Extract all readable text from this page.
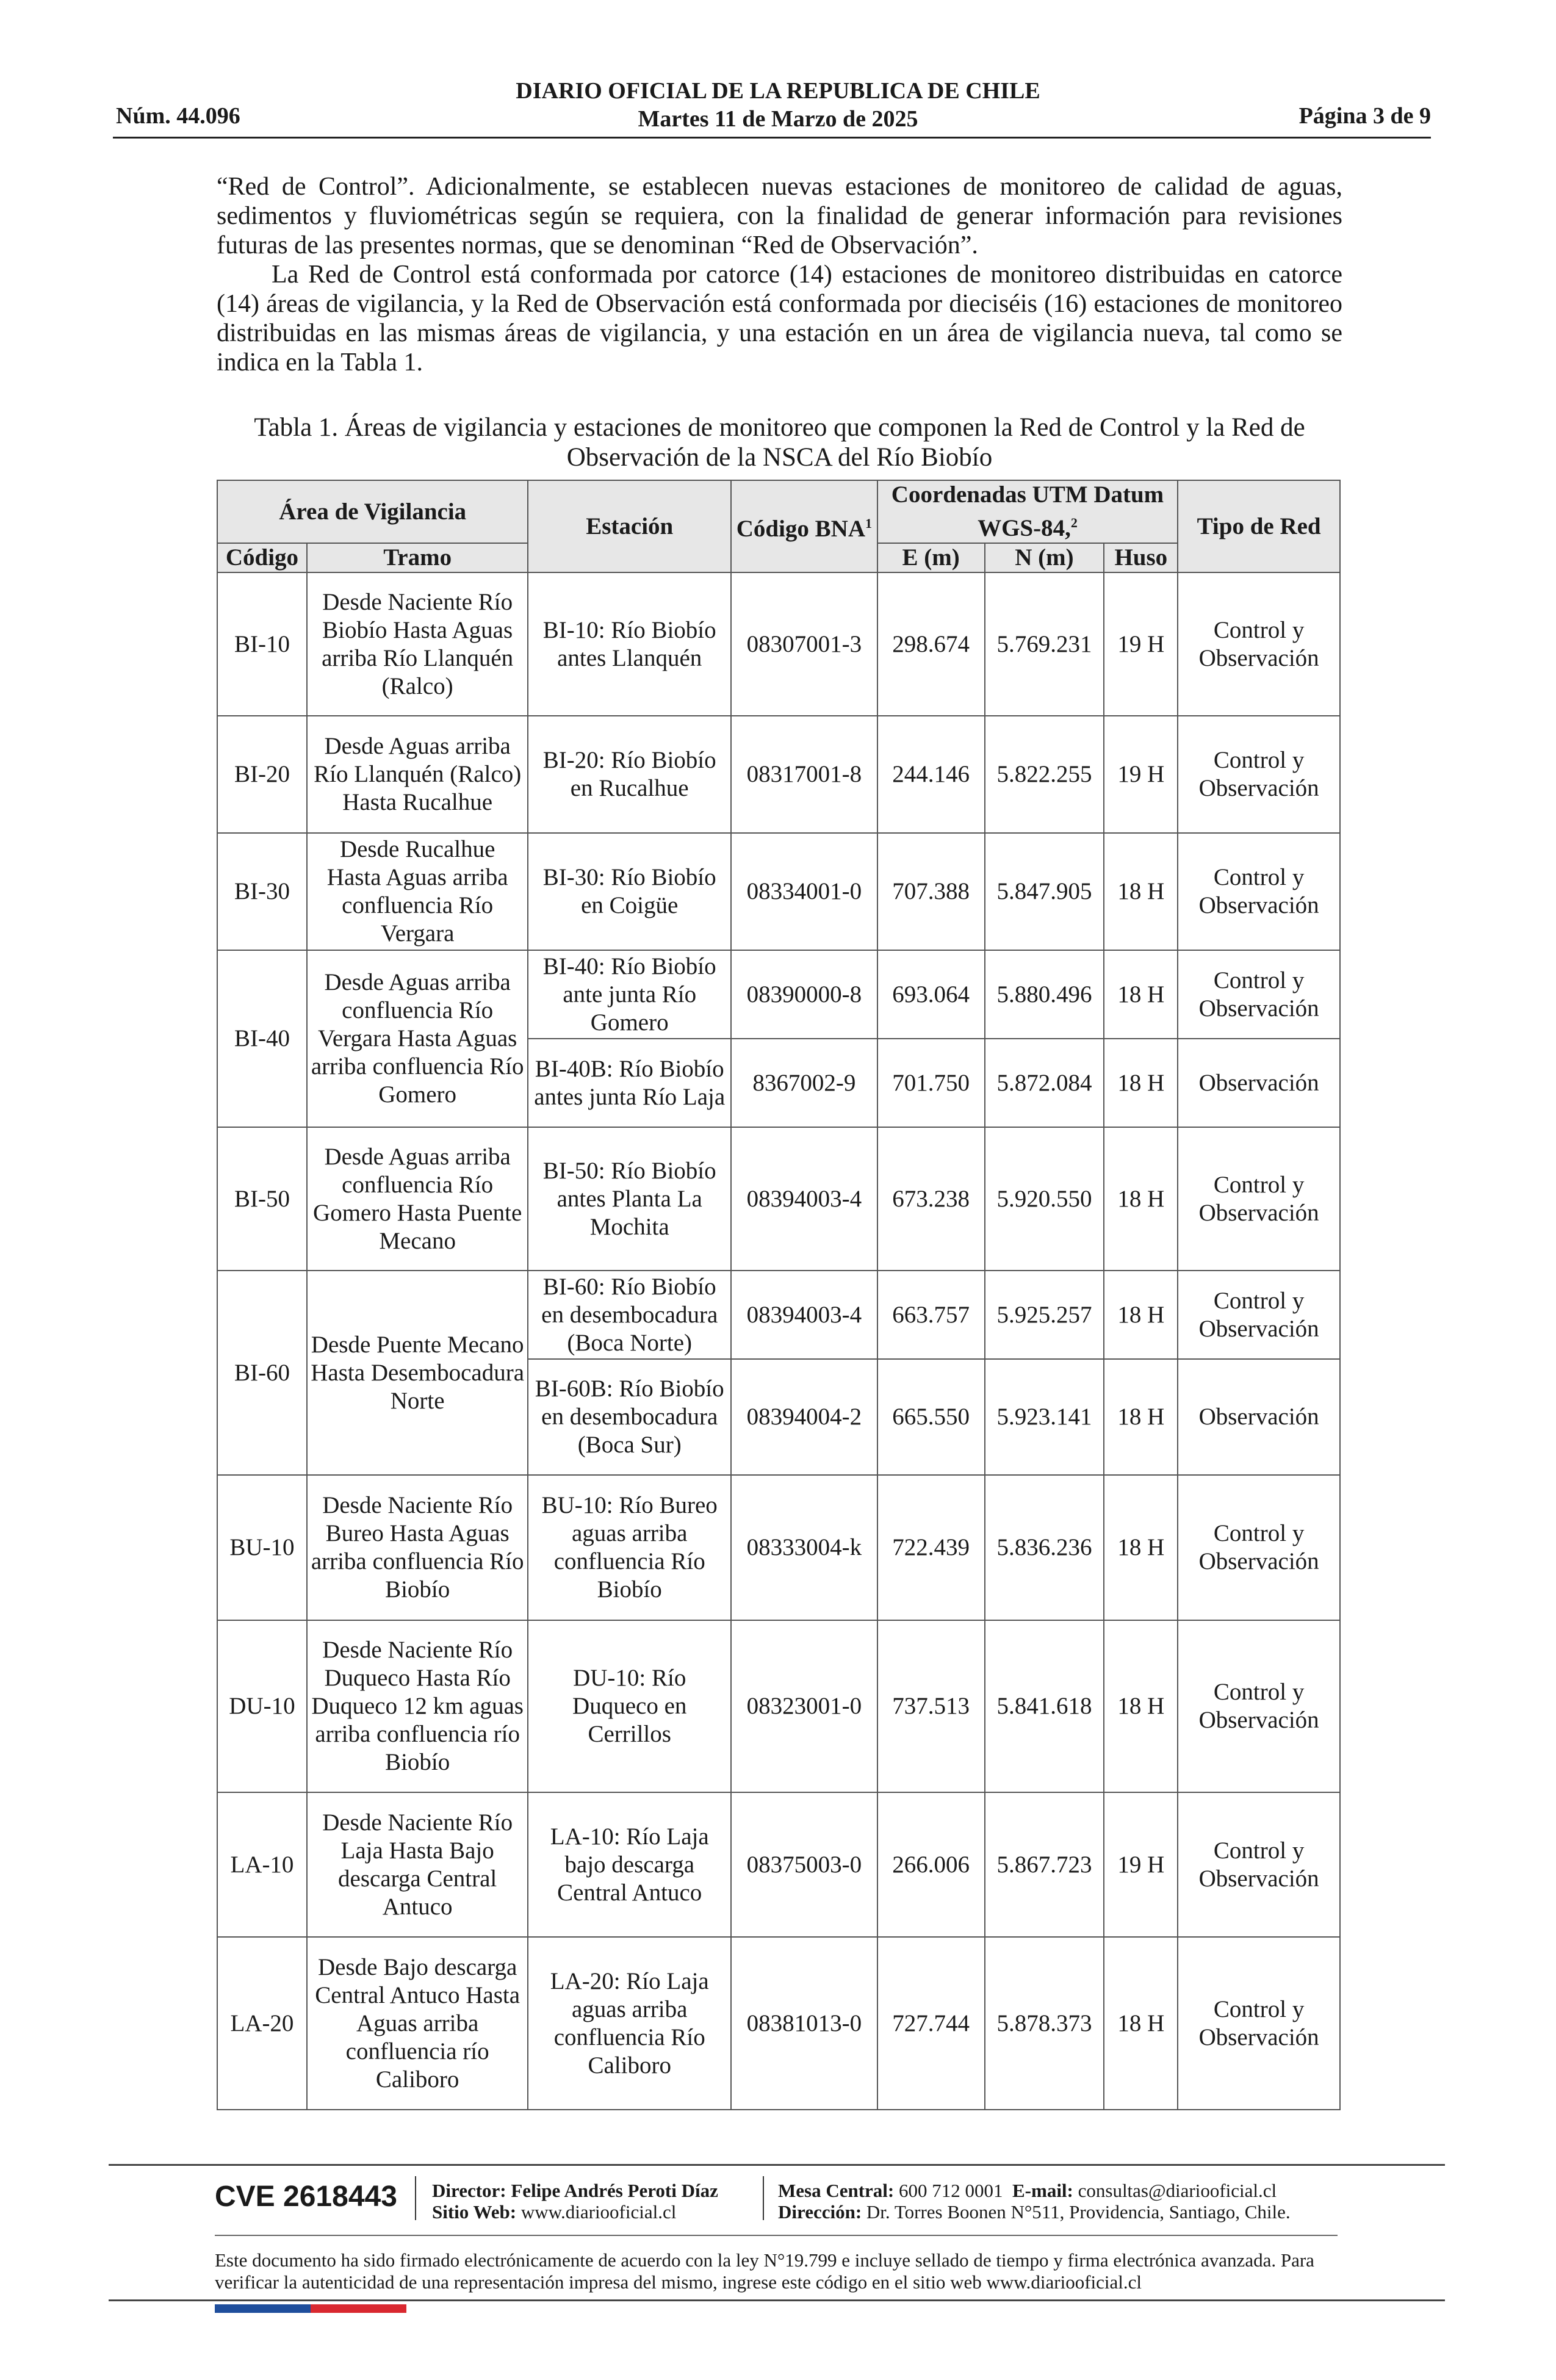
Núm. 44.096
DIARIO OFICIAL DE LA REPUBLICA DE CHILE
Martes 11 de Marzo de 2025	Página 3 de 9

“Red de Control”. Adicionalmente, se establecen nuevas estaciones de monitoreo de calidad de aguas, sedimentos y fluviométricas según se requiera, con la finalidad de generar información para revisiones futuras de las presentes normas, que se denominan “Red de Observación”.

La Red de Control está conformada por catorce (14) estaciones de monitoreo distribuidas en catorce (14) áreas de vigilancia, y la Red de Observación está conformada por dieciséis (16) estaciones de monitoreo distribuidas en las mismas áreas de vigilancia, y una estación en un área de vigilancia nueva, tal como se indica en la Tabla 1.

Tabla 1. Áreas de vigilancia y estaciones de monitoreo que componen la Red de Control y la Red de Observación de la NSCA del Río Biobío
Área de Vigilancia		Estación	Código BNA$^1$	Coordenadas UTM Datum WGS-84,$^2$			Tipo de Red
Código	Tramo			E (m)	N (m)	Huso	
BI-10	Desde Naciente Río Biobío Hasta Aguas arriba Río Llanquén (Ralco)	BI-10: Río Biobío antes Llanquén	08307001-3	298.674	5.769.231	19 H	Control y Observación
BI-20	Desde Aguas arriba Río Llanquén (Ralco) Hasta Rucalhue	BI-20: Río Biobío en Rucalhue	08317001-8	244.146	5.822.255	19 H	Control y Observación
BI-30	Desde Rucalhue Hasta Aguas arriba confluencia Río Vergara	BI-30: Río Biobío en Coigüe	08334001-0	707.388	5.847.905	18 H	Control y Observación
BI-40	Desde Aguas arriba confluencia Río Vergara Hasta Aguas arriba confluencia Río Gomero	BI-40: Río Biobío ante junta Río Gomero	08390000-8	693.064	5.880.496	18 H	Control y Observación
		BI-40B: Río Biobío antes junta Río Laja	8367002-9	701.750	5.872.084	18 H	Observación
BI-50	Desde Aguas arriba confluencia Río Gomero Hasta Puente Mecano	BI-50: Río Biobío antes Planta La Mochita	08394003-4	673.238	5.920.550	18 H	Control y Observación
BI-60	Desde Puente Mecano Hasta Desembocadura Norte	BI-60: Río Biobío en desembocadura (Boca Norte)	08394003-4	663.757	5.925.257	18 H	Control y Observación
		BI-60B: Río Biobío en desembocadura (Boca Sur)	08394004-2	665.550	5.923.141	18 H	Observación
BU-10	Desde Naciente Río Bureo Hasta Aguas arriba confluencia Río Biobío	BU-10: Río Bureo aguas arriba confluencia Río Biobío	08333004-k	722.439	5.836.236	18 H	Control y Observación
DU-10	Desde Naciente Río Duqueco Hasta Río Duqueco 12 km aguas arriba confluencia río Biobío	DU-10: Río Duqueco en Cerrillos	08323001-0	737.513	5.841.618	18 H	Control y Observación
LA-10	Desde Naciente Río Laja Hasta Bajo descarga Central Antuco	LA-10: Río Laja bajo descarga Central Antuco	08375003-0	266.006	5.867.723	19 H	Control y Observación
LA-20	Desde Bajo descarga Central Antuco Hasta Aguas arriba confluencia río Caliboro	LA-20: Río Laja aguas arriba confluencia Río Caliboro	08381013-0	727.744	5.878.373	18 H	Control y Observación
CVE 2618443 Director: Felipe Andrés Peroti Díaz
Sitio Web: www.diariooficial.cl
Mesa Central: 600 712 0001 E-mail: consultas@diariooficial.cl
Dirección: Dr. Torres Boonen N°511, Providencia, Santiago, Chile.
Este documento ha sido firmado electrónicamente de acuerdo con la ley N°19.799 e incluye sellado de tiempo y firma electrónica avanzada. Para verificar la autenticidad de una representación impresa del mismo, ingrese este código en el sitio web www.diariooficial.cl
